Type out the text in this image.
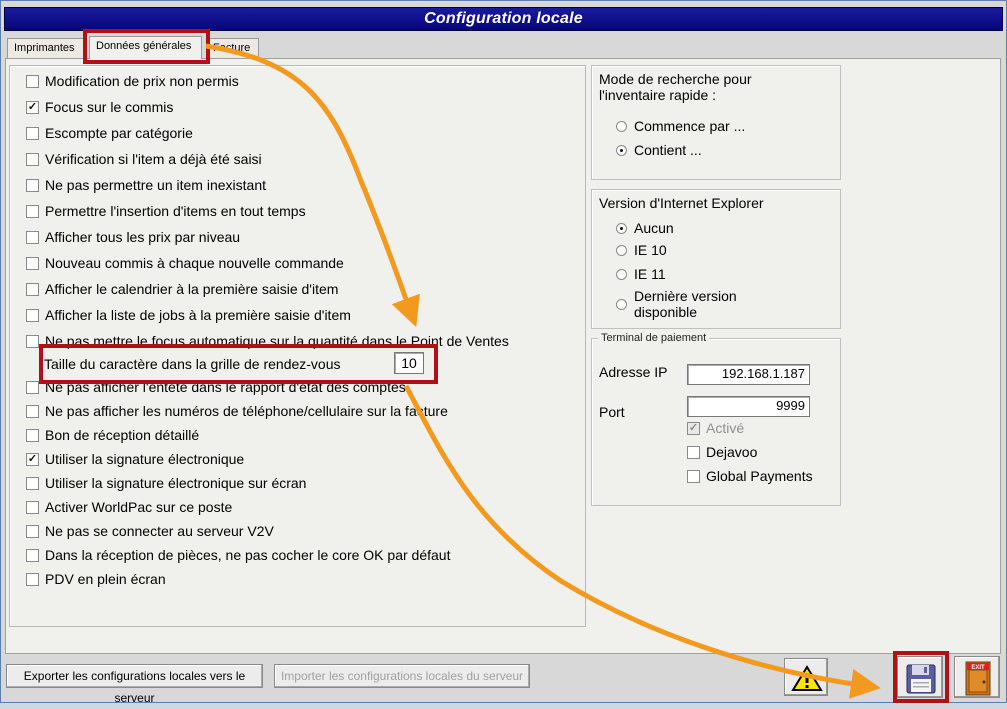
Configuration locale
Imprimantes	Données générales	Facture
Modification de prix non permis
✓Focus sur le commis
Escompte par catégorie
Vérification si l'item a déjà été saisi
Ne pas permettre un item inexistant
Permettre l'insertion d'items en tout temps
Afficher tous les prix par niveau
Nouveau commis à chaque nouvelle commande
Afficher le calendrier à la première saisie d'item
Afficher la liste de jobs à la première saisie d'item
Ne pas mettre le focus automatique sur la quantité dans le Point de Ventes
Taille du caractère dans la grille de rendez-vous	10
Ne pas afficher l'entête dans le rapport d'état des comptes
Ne pas afficher les numéros de téléphone/cellulaire sur la facture
Bon de réception détaillé
✓Utiliser la signature électronique
Utiliser la signature électronique sur écran
Activer WorldPac sur ce poste
Ne pas se connecter au serveur V2V
Dans la réception de pièces, ne pas cocher le core OK par défaut
PDV en plein écran
Mode de recherche pour
l'inventaire rapide :
Commence par ...
Contient ...
Version d'Internet Explorer
Aucun
IE 10
IE 11
Dernière version
disponible
Terminal de paiement
Adresse IP	192.168.1.187
Port	9999
✓Activé
Dejavoo
Global Payments
Exporter les configurations locales vers le serveur
Importer les configurations locales du serveur
EXIT
